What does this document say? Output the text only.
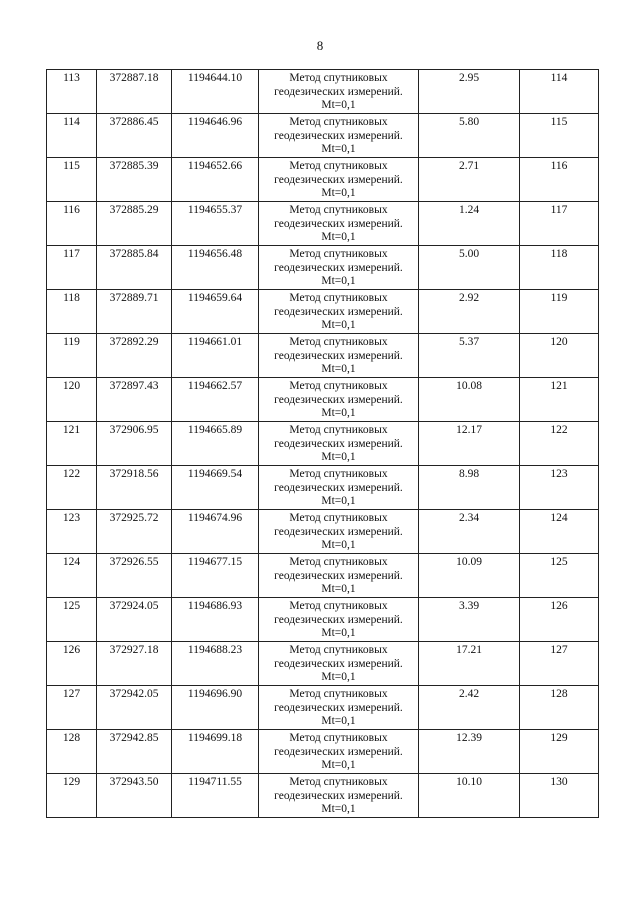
8
113	372887.18	1194644.10	Метод спутниковых
геодезических измерений.
Mt=0,1	2.95	114
114	372886.45	1194646.96	Метод спутниковых
геодезических измерений.
Mt=0,1	5.80	115
115	372885.39	1194652.66	Метод спутниковых
геодезических измерений.
Mt=0,1	2.71	116
116	372885.29	1194655.37	Метод спутниковых
геодезических измерений.
Mt=0,1	1.24	117
117	372885.84	1194656.48	Метод спутниковых
геодезических измерений.
Mt=0,1	5.00	118
118	372889.71	1194659.64	Метод спутниковых
геодезических измерений.
Mt=0,1	2.92	119
119	372892.29	1194661.01	Метод спутниковых
геодезических измерений.
Mt=0,1	5.37	120
120	372897.43	1194662.57	Метод спутниковых
геодезических измерений.
Mt=0,1	10.08	121
121	372906.95	1194665.89	Метод спутниковых
геодезических измерений.
Mt=0,1	12.17	122
122	372918.56	1194669.54	Метод спутниковых
геодезических измерений.
Mt=0,1	8.98	123
123	372925.72	1194674.96	Метод спутниковых
геодезических измерений.
Mt=0,1	2.34	124
124	372926.55	1194677.15	Метод спутниковых
геодезических измерений.
Mt=0,1	10.09	125
125	372924.05	1194686.93	Метод спутниковых
геодезических измерений.
Mt=0,1	3.39	126
126	372927.18	1194688.23	Метод спутниковых
геодезических измерений.
Mt=0,1	17.21	127
127	372942.05	1194696.90	Метод спутниковых
геодезических измерений.
Mt=0,1	2.42	128
128	372942.85	1194699.18	Метод спутниковых
геодезических измерений.
Mt=0,1	12.39	129
129	372943.50	1194711.55	Метод спутниковых
геодезических измерений.
Mt=0,1	10.10	130
